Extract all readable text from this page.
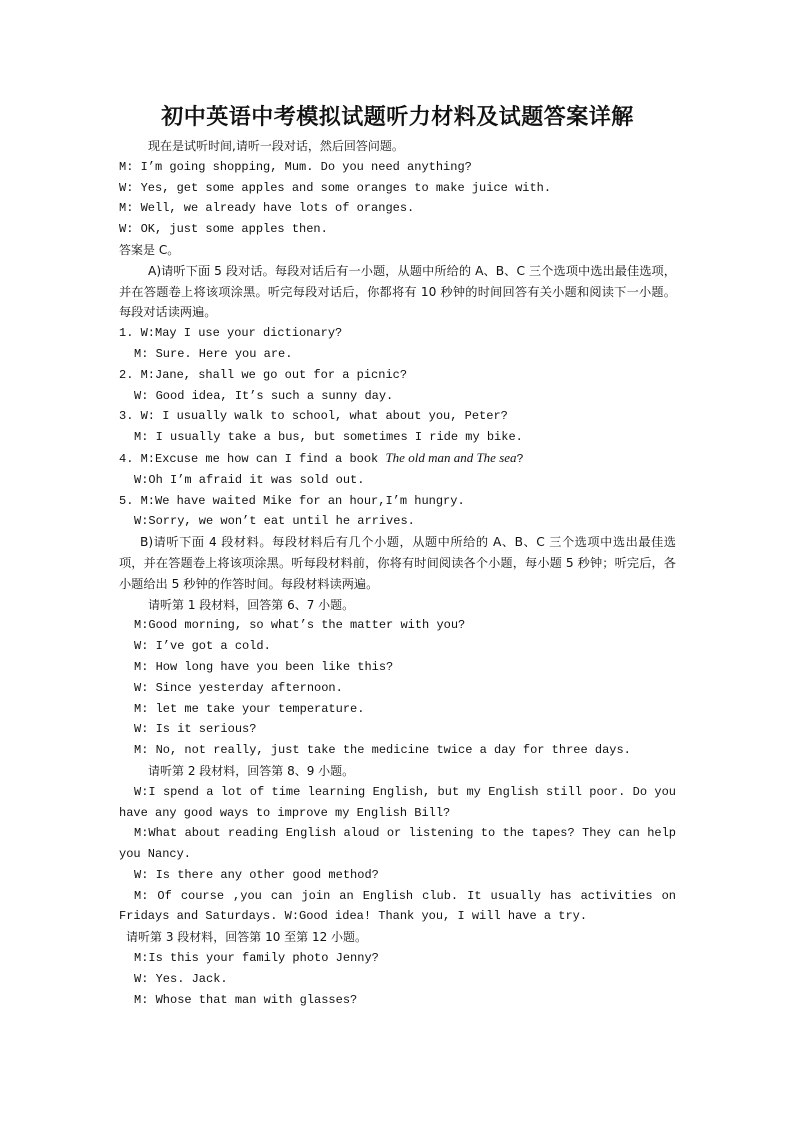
初中英语中考模拟试题听力材料及试题答案详解
现在是试听时间,请听一段对话，然后回答问题。
M: I’m going shopping, Mum. Do you need anything?
W: Yes, get some apples and some oranges to make juice with.
M: Well, we already have lots of oranges.
W: OK, just some apples then.
答案是 C。
A)请听下面 5 段对话。每段对话后有一小题，从题中所给的 A、B、C 三个选项中选出最佳选项，并在答题卷上将该项涂黑。听完每段对话后，你都将有 10 秒钟的时间回答有关小题和阅读下一小题。每段对话读两遍。
1. W:May I use your dictionary?
M: Sure. Here you are.
2. M:Jane, shall we go out for a picnic?
W: Good idea, It’s such a sunny day.
3. W: I usually walk to school, what about you, Peter?
M: I usually take a bus, but sometimes I ride my bike.
4. M:Excuse me how can I find a book The old man and The sea?
W:Oh I’m afraid it was sold out.
5. M:We have waited Mike for an hour,I’m hungry.
W:Sorry, we won’t eat until he arrives.
B)请听下面 4 段材料。每段材料后有几个小题，从题中所给的 A、B、C 三个选项中选出最佳选项，并在答题卷上将该项涂黑。听每段材料前，你将有时间阅读各个小题，每小题 5 秒钟；听完后，各小题给出 5 秒钟的作答时间。每段材料读两遍。
请听第 1 段材料，回答第 6、7 小题。
M:Good morning, so what’s the matter with you?
W: I’ve got a cold.
M: How long have you been like this?
W: Since yesterday afternoon.
M: let me take your temperature.
W: Is it serious?
M: No, not really, just take the medicine twice a day for three days.
请听第 2 段材料，回答第 8、9 小题。
W:I spend a lot of time learning English, but my English still poor. Do you have any good ways to improve my English Bill?
M:What about reading English aloud or listening to the tapes? They can help you Nancy.
W: Is there any other good method?
M: Of course ,you can join an English club. It usually has activities on Fridays and Saturdays. W:Good idea! Thank you, I will have a try.
请听第 3 段材料，回答第 10 至第 12 小题。
M:Is this your family photo Jenny?
W: Yes. Jack.
M: Whose that man with glasses?
